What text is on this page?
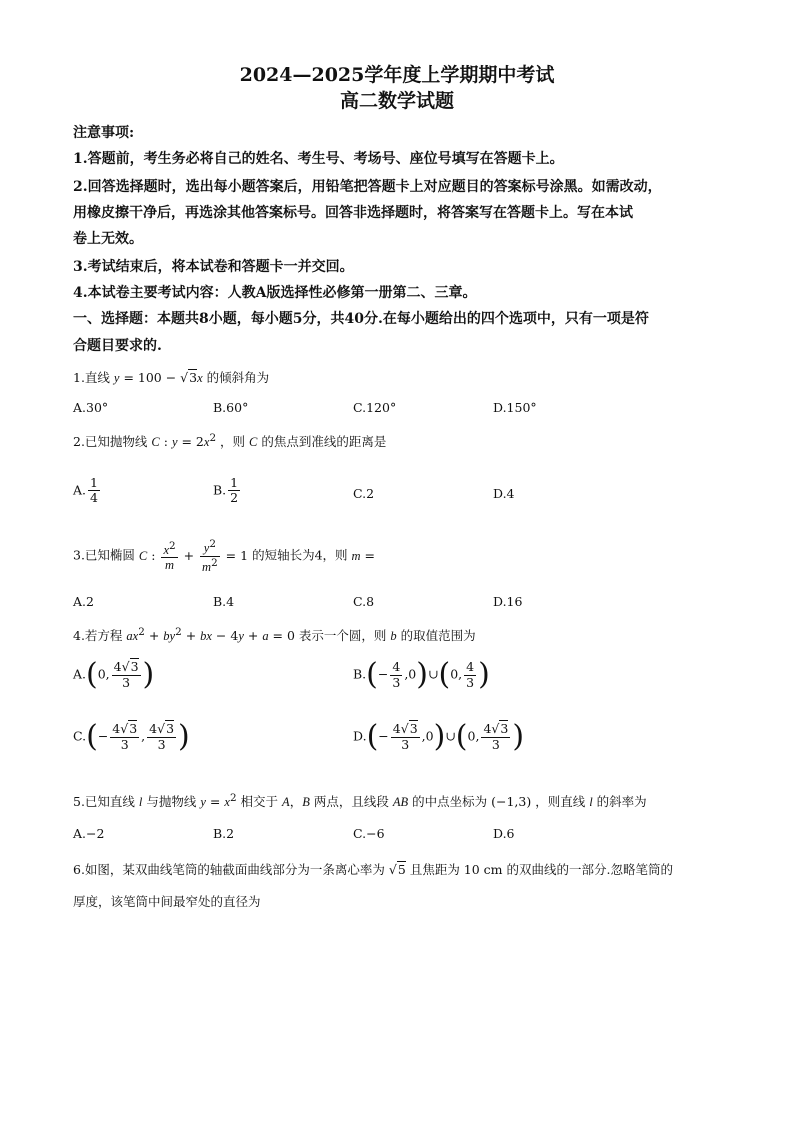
2024—2025学年度上学期期中考试
高二数学试题
注意事项:
1.答题前，考生务必将自己的姓名、考生号、考场号、座位号填写在答题卡上。
2.回答选择题时，选出每小题答案后，用铅笔把答题卡上对应题目的答案标号涂黑。如需改动，
用橡皮擦干净后，再选涂其他答案标号。回答非选择题时，将答案写在答题卡上。写在本试
卷上无效。
3.考试结束后，将本试卷和答题卡一并交回。
4.本试卷主要考试内容：人教A版选择性必修第一册第二、三章。
一、选择题：本题共8小题，每小题5分，共40分.在每小题给出的四个选项中，只有一项是符
合题目要求的.
1.直线 y = 100 − √3x 的倾斜角为
A.30°	B.60°	C.120°	D.150°
2.已知抛物线 C : $y = 2x^2$ ，则 C 的焦点到准线的距离是
A. $\frac{1}{4}$	B. $\frac{1}{2}$	C.2	D.4
3.已知椭圆 C : $\frac{x^2}{m} + \frac{y^2}{m^2} = 1$ 的短轴长为4，则 m =
A.2	B.4	C.8	D.16
4.若方程 $ax^2 + by^2$ + bx − 4y + a = 0 表示一个圆，则 b 的取值范围为
A.(0, $\frac{4√3}{3}$ )	$B.(- \frac{4}{3}$ ,0)∪(0, $\frac{4}{3}$ )
$C.(- \frac{4√3}{3}$ , $\frac{4√3}{3}$ )	$D.(- \frac{4√3}{3}$ ,0)∪(0, $\frac{4√3}{3}$ )
5.已知直线 l 与抛物线 $y = x^2$ 相交于 A，B 两点，且线段 AB 的中点坐标为 (−1,3) ，则直线 l 的斜率为
A.−2	B.2	C.−6	D.6
6.如图，某双曲线笔筒的轴截面曲线部分为一条离心率为 √5 且焦距为 10 cm 的双曲线的一部分.忽略笔筒的
厚度，该笔筒中间最窄处的直径为
